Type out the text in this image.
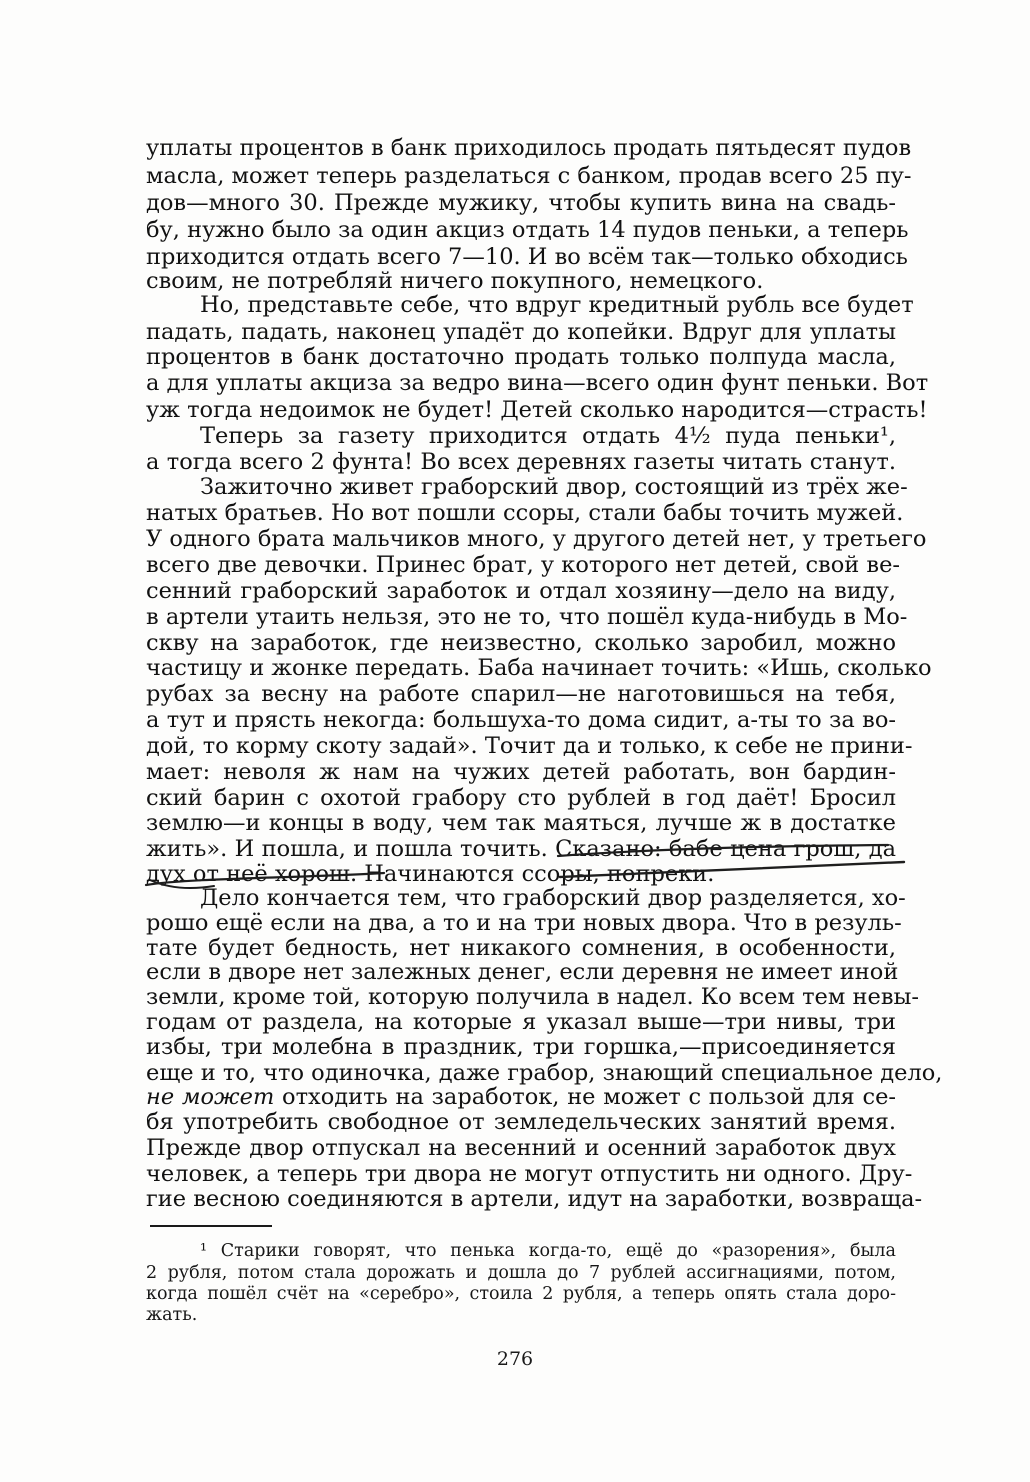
уплаты процентов в банк приходилось продать пятьдесят пудов
масла, может теперь разделаться с банком, продав всего 25 пу-
дов—много 30. Прежде мужику, чтобы купить вина на свадь-
бу, нужно было за один акциз отдать 14 пудов пеньки, а теперь
приходится отдать всего 7—10. И во всём так—только обходись
своим, не потребляй ничего покупного, немецкого.
Но, представьте себе, что вдруг кредитный рубль все будет
падать, падать, наконец упадёт до копейки. Вдруг для уплаты
процентов в банк достаточно продать только полпуда масла,
а для уплаты акциза за ведро вина—всего один фунт пеньки. Вот
уж тогда недоимок не будет! Детей сколько народится—страсть!
Теперь за газету приходится отдать 4½ пуда пеньки¹,
а тогда всего 2 фунта! Во всех деревнях газеты читать станут.
Зажиточно живет граборский двор, состоящий из трёх же-
натых братьев. Но вот пошли ссоры, стали бабы точить мужей.
У одного брата мальчиков много, у другого детей нет, у третьего
всего две девочки. Принес брат, у которого нет детей, свой ве-
сенний граборский заработок и отдал хозяину—дело на виду,
в артели утаить нельзя, это не то, что пошёл куда-нибудь в Мо-
скву на заработок, где неизвестно, сколько заробил, можно
частицу и жонке передать. Баба начинает точить: «Ишь, сколько
рубах за весну на работе спарил—не наготовишься на тебя,
а тут и прясть некогда: большуха-то дома сидит, а-ты то за во-
дой, то корму скоту задай». Точит да и только, к себе не прини-
мает: неволя ж нам на чужих детей работать, вон бардин-
ский барин с охотой грабору сто рублей в год даёт! Бросил
землю—и концы в воду, чем так маяться, лучше ж в достатке
жить». И пошла, и пошла точить. Сказано: бабе цена грош, да
дух от неё хорош. Начинаются ссоры, попреки.
Дело кончается тем, что граборский двор разделяется, хо-
рошо ещё если на два, а то и на три новых двора. Что в резуль-
тате будет бедность, нет никакого сомнения, в особенности,
если в дворе нет залежных денег, если деревня не имеет иной
земли, кроме той, которую получила в надел. Ко всем тем невы-
годам от раздела, на которые я указал выше—три нивы, три
избы, три молебна в праздник, три горшка,—присоединяется
еще и то, что одиночка, даже грабор, знающий специальное дело,
не может отходить на заработок, не может с пользой для се-
бя употребить свободное от земледельческих занятий время.
Прежде двор отпускал на весенний и осенний заработок двух
человек, а теперь три двора не могут отпустить ни одного. Дру-
гие весною соединяются в артели, идут на заработки, возвраща-
¹ Старики говорят, что пенька когда-то, ещё до «разорения», была
2 рубля, потом стала дорожать и дошла до 7 рублей ассигнациями, потом,
когда пошёл счёт на «серебро», стоила 2 рубля, а теперь опять стала доро-
жать.
276
